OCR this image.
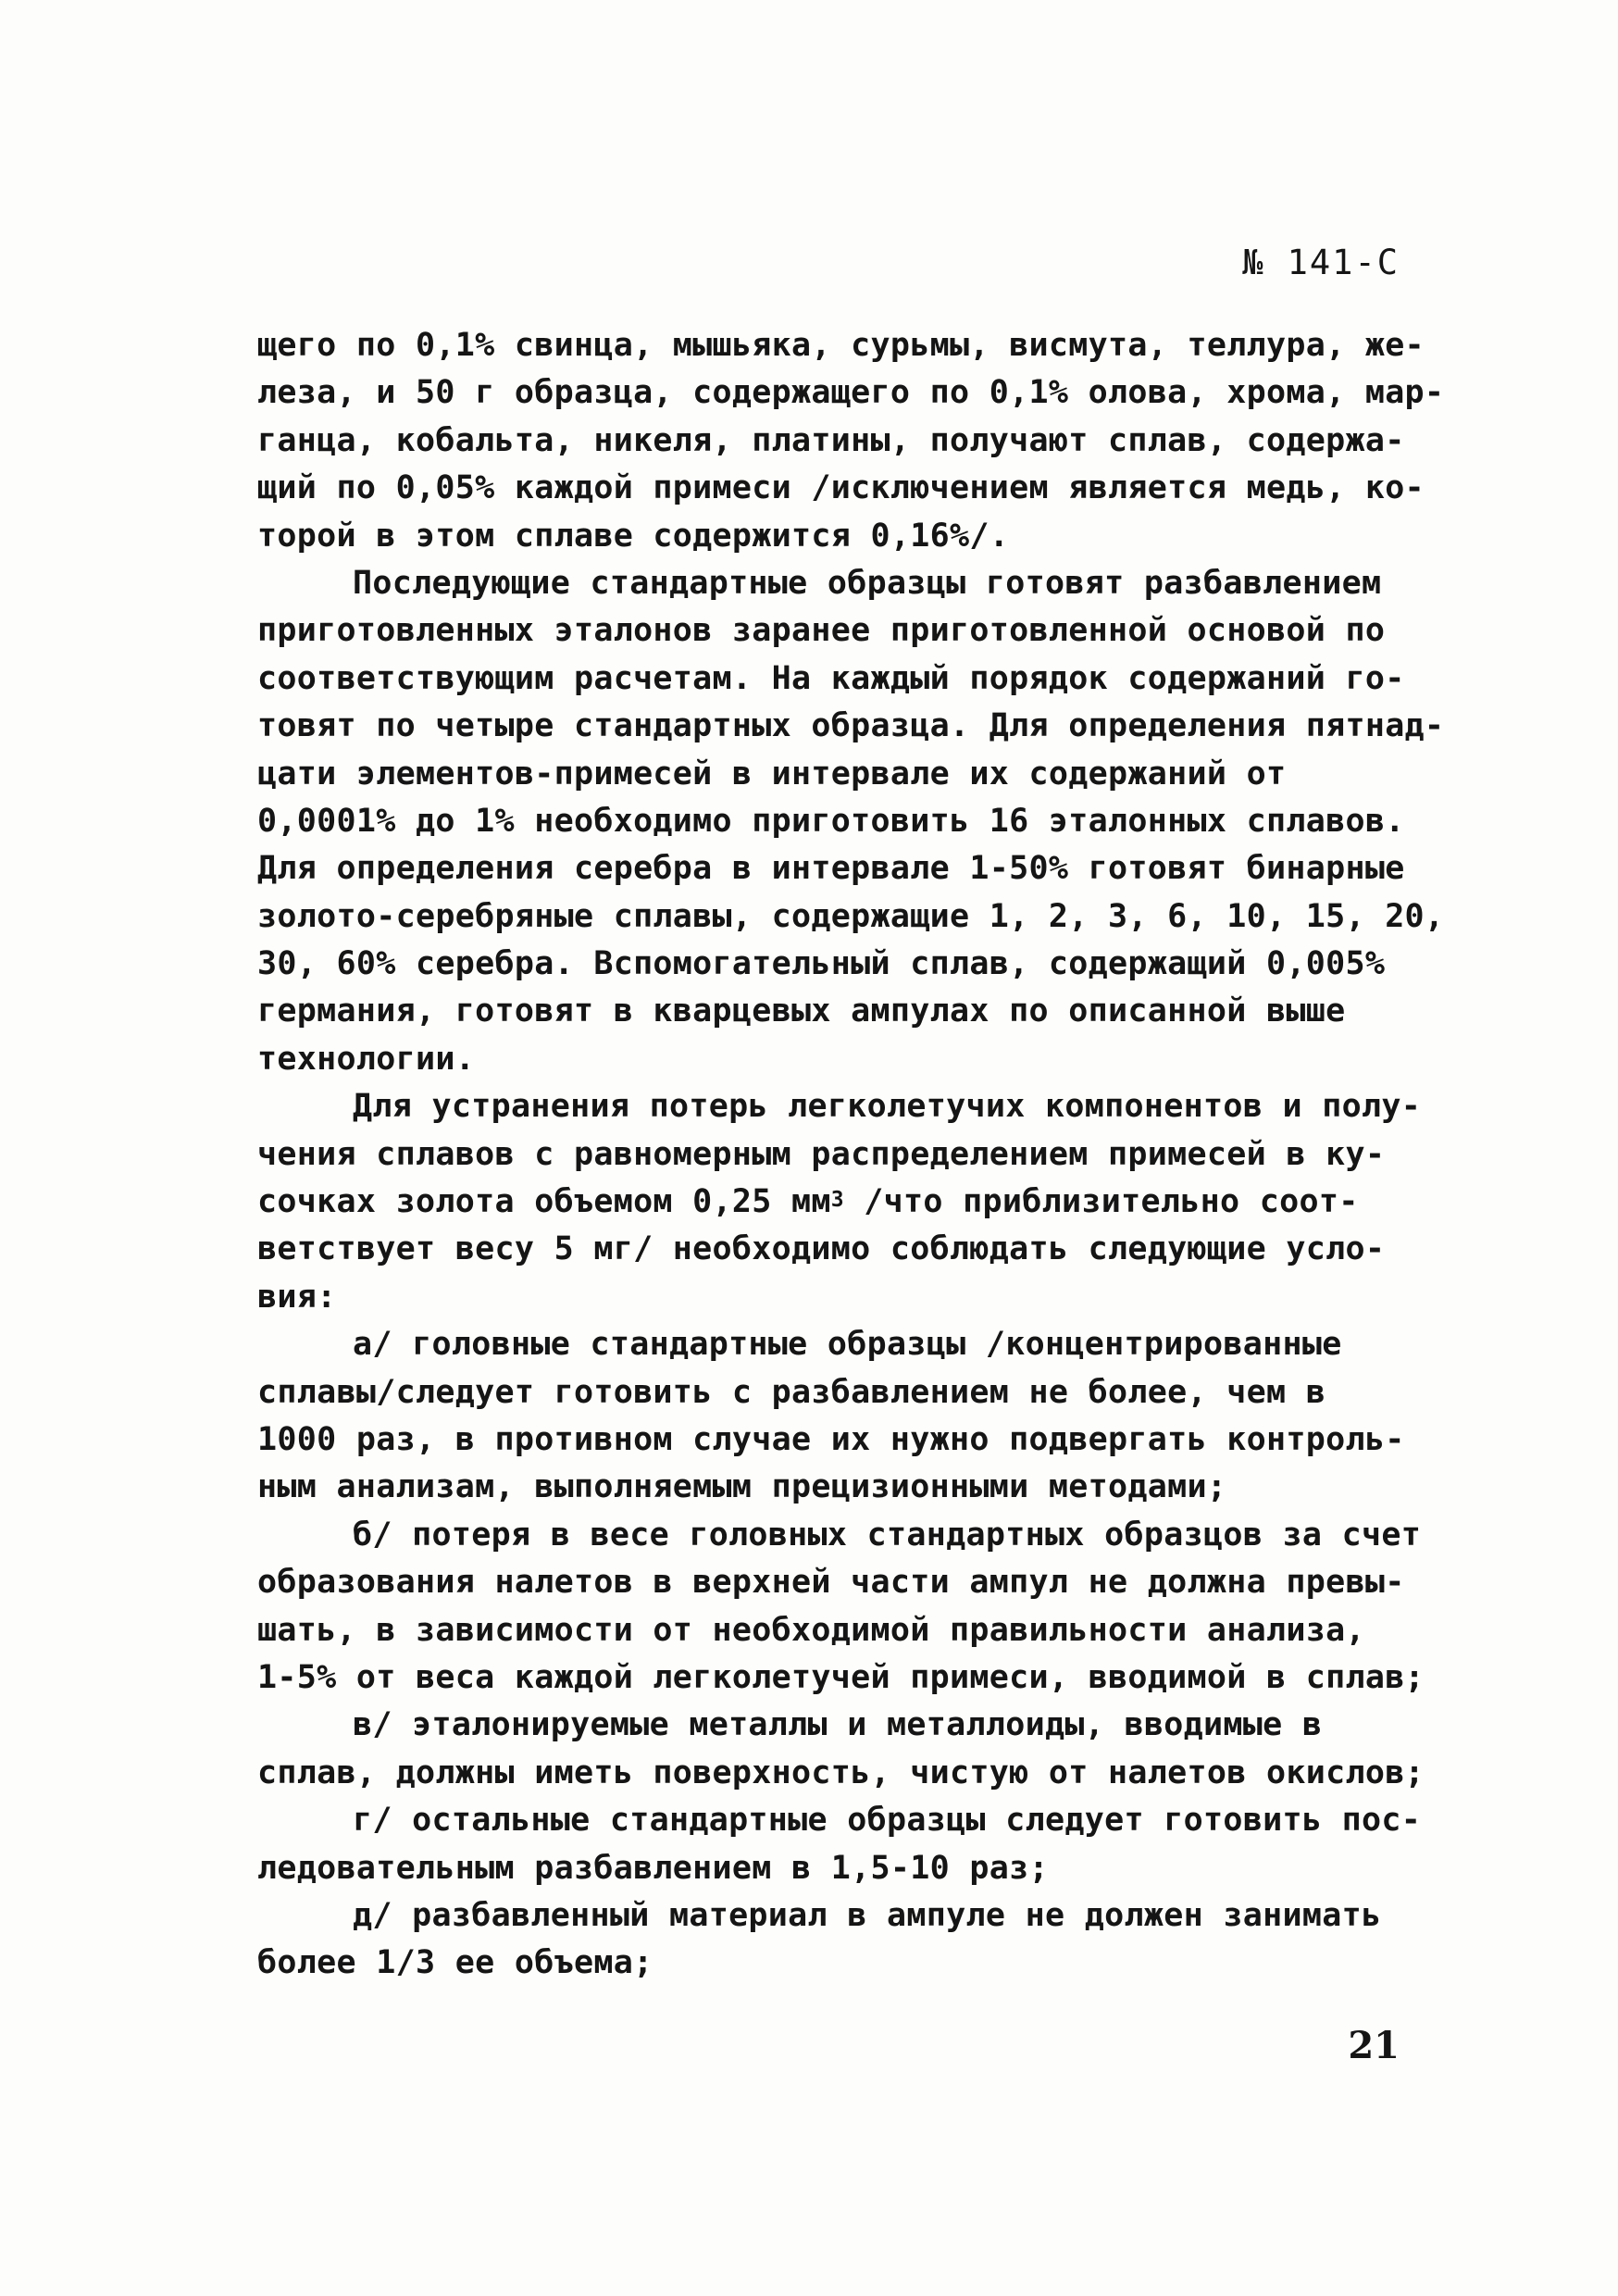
№ 141-С
щего по 0,1% свинца, мышьяка, сурьмы, висмута, теллура, же-
леза, и 50 г образца, содержащего по 0,1% олова, хрома, мар-
ганца, кобальта, никеля, платины, получают сплав, содержа-
щий по 0,05% каждой примеси /исключением является медь, ко-
торой в этом сплаве содержится 0,16%/.
Последующие стандартные образцы готовят разбавлением
приготовленных эталонов заранее приготовленной основой по
соответствующим расчетам. На каждый порядок содержаний го-
товят по четыре стандартных образца. Для определения пятнад-
цати элементов-примесей в интервале их содержаний от
0,0001% до 1% необходимо приготовить 16 эталонных сплавов.
Для определения серебра в интервале 1-50% готовят бинарные
золото-серебряные сплавы, содержащие 1, 2, 3, 6, 10, 15, 20,
30, 60% серебра. Вспомогательный сплав, содержащий 0,005%
германия, готовят в кварцевых ампулах по описанной выше
технологии.
Для устранения потерь легколетучих компонентов и полу-
чения сплавов с равномерным распределением примесей в ку-
сочках золота объемом 0,25 $мм^3$ /что приблизительно соот-
ветствует весу 5 мг/ необходимо соблюдать следующие усло-
вия:
а/ головные стандартные образцы /концентрированные
сплавы/следует готовить с разбавлением не более, чем в
1000 раз, в противном случае их нужно подвергать контроль-
ным анализам, выполняемым прецизионными методами;
б/ потеря в весе головных стандартных образцов за счет
образования налетов в верхней части ампул не должна превы-
шать, в зависимости от необходимой правильности анализа,
1-5% от веса каждой легколетучей примеси, вводимой в сплав;
в/ эталонируемые металлы и металлоиды, вводимые в
сплав, должны иметь поверхность, чистую от налетов окислов;
г/ остальные стандартные образцы следует готовить пос-
ледовательным разбавлением в 1,5-10 раз;
д/ разбавленный материал в ампуле не должен занимать
более 1/3 ее объема;
21
